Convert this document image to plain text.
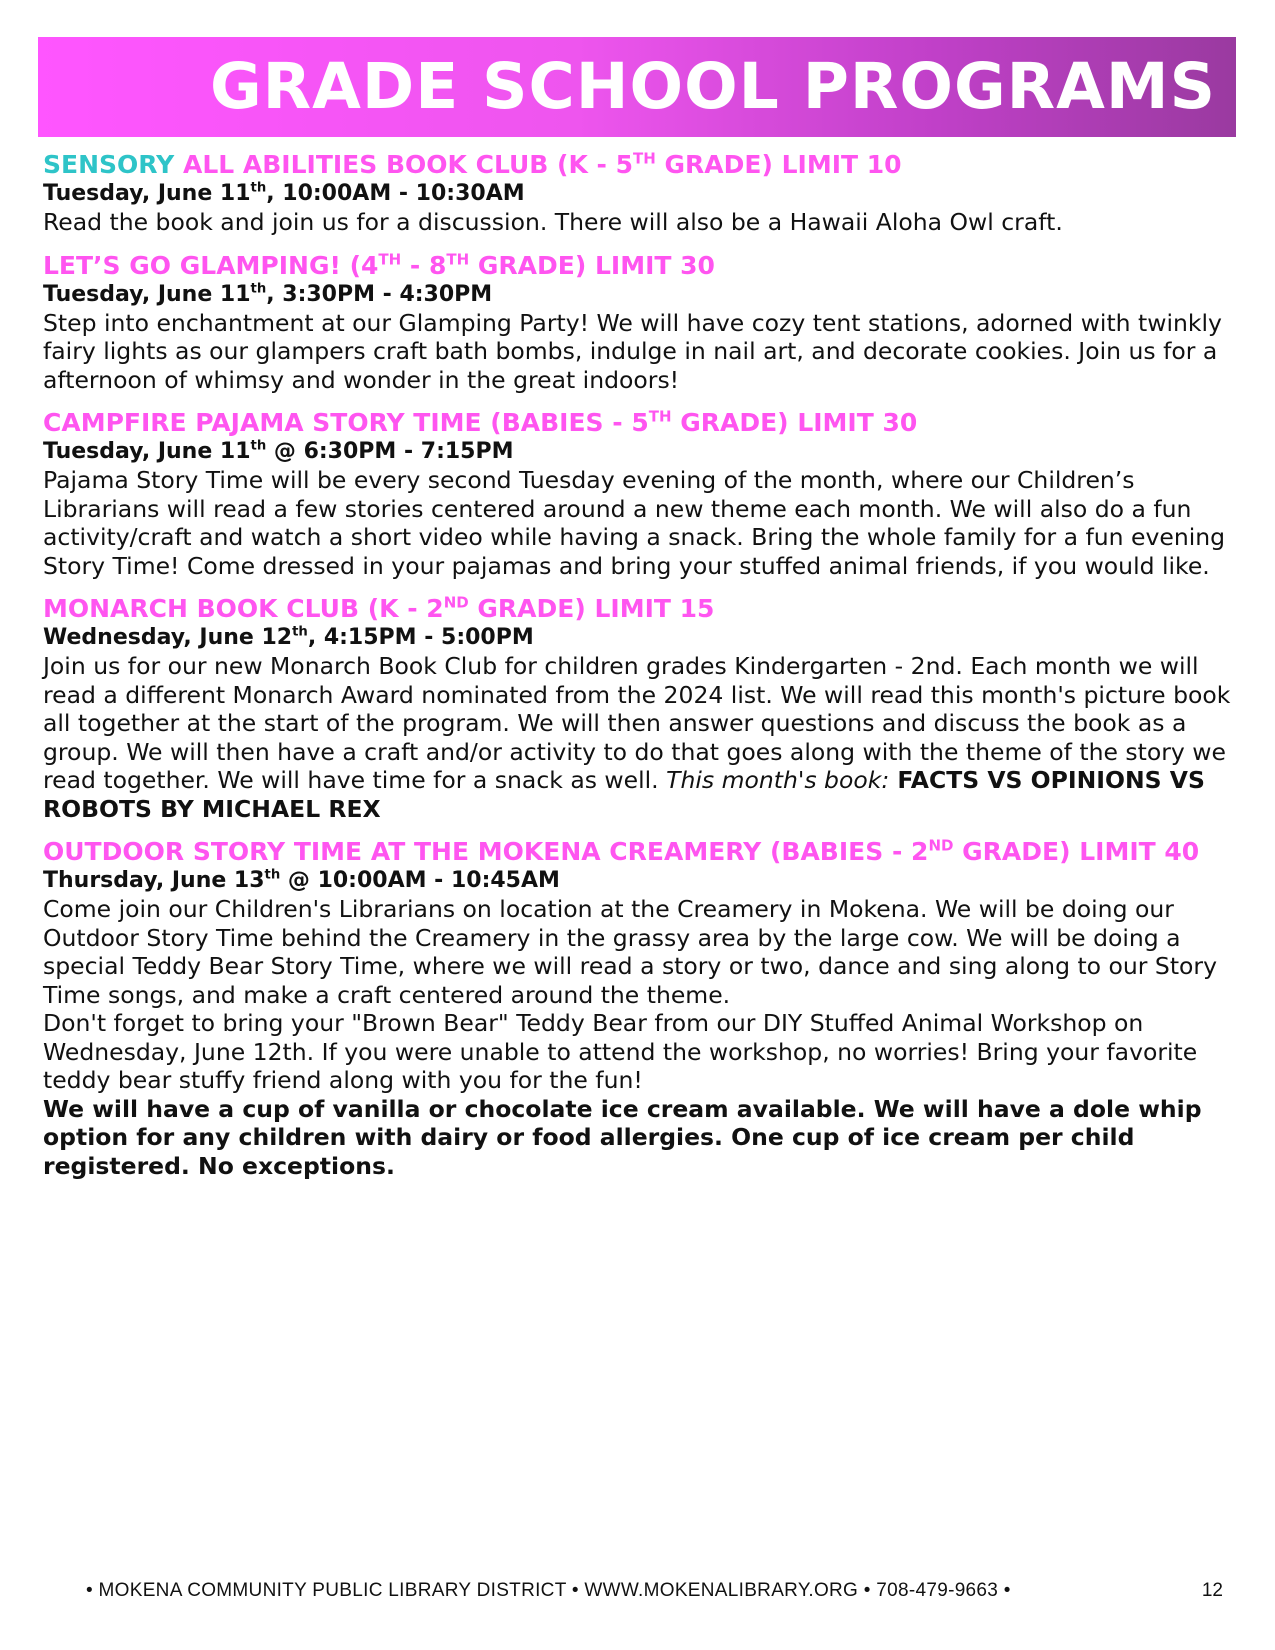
GRADE SCHOOL PROGRAMS
SENSORY ALL ABILITIES BOOK CLUB (K - 5TH GRADE) LIMIT 10
Tuesday, June 11th, 10:00AM - 10:30AM
Read the book and join us for a discussion. There will also be a Hawaii Aloha Owl craft.
LET’S GO GLAMPING! (4TH - 8TH GRADE) LIMIT 30
Tuesday, June 11th, 3:30PM - 4:30PM
Step into enchantment at our Glamping Party! We will have cozy tent stations, adorned with twinkly fairy lights as our glampers craft bath bombs, indulge in nail art, and decorate cookies. Join us for a afternoon of whimsy and wonder in the great indoors!
CAMPFIRE PAJAMA STORY TIME (BABIES - 5TH GRADE) LIMIT 30
Tuesday, June 11th @ 6:30PM - 7:15PM
Pajama Story Time will be every second Tuesday evening of the month, where our Children’s Librarians will read a few stories centered around a new theme each month. We will also do a fun activity/craft and watch a short video while having a snack. Bring the whole family for a fun evening Story Time! Come dressed in your pajamas and bring your stuffed animal friends, if you would like.
MONARCH BOOK CLUB (K - 2ND GRADE) LIMIT 15
Wednesday, June 12th, 4:15PM - 5:00PM
Join us for our new Monarch Book Club for children grades Kindergarten - 2nd. Each month we will read a different Monarch Award nominated from the 2024 list. We will read this month's picture book all together at the start of the program. We will then answer questions and discuss the book as a group. We will then have a craft and/or activity to do that goes along with the theme of the story we read together. We will have time for a snack as well. This month's book: FACTS VS OPINIONS VS ROBOTS BY MICHAEL REX
OUTDOOR STORY TIME AT THE MOKENA CREAMERY (BABIES - 2ND GRADE) LIMIT 40
Thursday, June 13th @ 10:00AM - 10:45AM

Come join our Children's Librarians on location at the Creamery in Mokena. We will be doing our Outdoor Story Time behind the Creamery in the grassy area by the large cow. We will be doing a special Teddy Bear Story Time, where we will read a story or two, dance and sing along to our Story Time songs, and make a craft centered around the theme.

Don't forget to bring your "Brown Bear" Teddy Bear from our DIY Stuffed Animal Workshop on Wednesday, June 12th. If you were unable to attend the workshop, no worries! Bring your favorite teddy bear stuffy friend along with you for the fun!

We will have a cup of vanilla or chocolate ice cream available. We will have a dole whip option for any children with dairy or food allergies. One cup of ice cream per child registered. No exceptions.
• MOKENA COMMUNITY PUBLIC LIBRARY DISTRICT • WWW.MOKENALIBRARY.ORG • 708-479-9663 •	12
